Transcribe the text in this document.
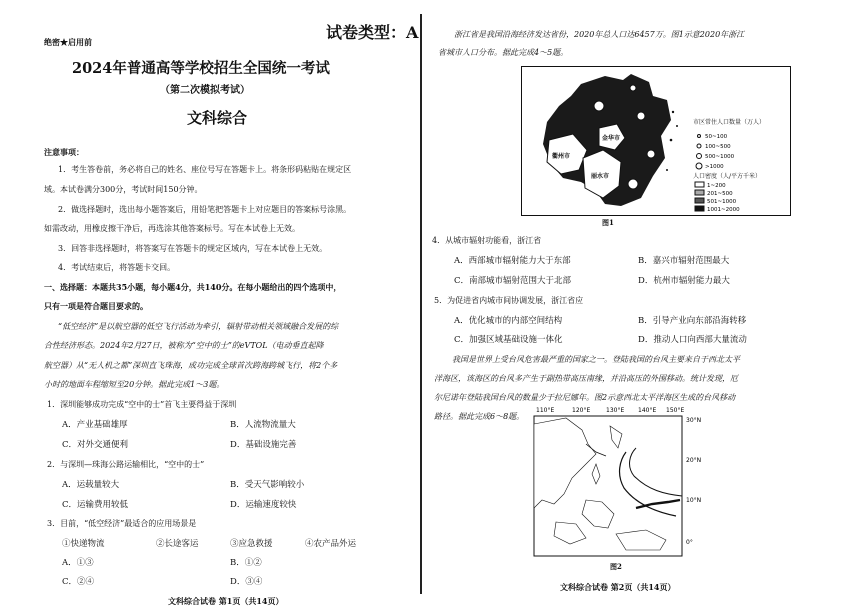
绝密★启用前
2024年普通高等学校招生全国统一考试
（第二次模拟考试）
文科综合
注意事项：
1．考生答卷前，务必将自己的姓名、座位号写在答题卡上。将条形码粘贴在规定区
域。本试卷满分300分，考试时间150分钟。
2．做选择题时，选出每小题答案后，用铅笔把答题卡上对应题目的答案标号涂黑。
如需改动，用橡皮擦干净后，再选涂其他答案标号。写在本试卷上无效。
3．回答非选择题时，将答案写在答题卡的规定区域内，写在本试卷上无效。
4．考试结束后，将答题卡交回。
一、选择题：本题共35小题，每小题4分，共140分。在每小题给出的四个选项中，
只有一项是符合题目要求的。
“低空经济”是以航空器的低空飞行活动为牵引，辐射带动相关领域融合发展的综
合性经济形态。2024年2月27日，被称为“空中的士”的eVTOL（电动垂直起降
航空器）从“无人机之都”深圳直飞珠海，成功完成全球首次跨海跨城飞行，将2个多
小时的地面车程缩短至20分钟。据此完成1～3题。
1．深圳能够成功完成“空中的士”首飞主要得益于深圳
A．产业基础雄厚	B．人流物流量大
C．对外交通便利	D．基础设施完善
2．与深圳—珠海公路运输相比，“空中的士”
A．运载量较大	B．受天气影响较小
C．运输费用较低	D．运输速度较快
3．目前，“低空经济”最适合的应用场景是
①快递物流	②长途客运	③应急救援	④农产品外运
A．①③	B．①②
C．②④	D．③④
文科综合试卷 第1页（共14页）
试卷类型：A	浙江省是我国沿海经济发达省份，2020年总人口达6457万。图1示意2020年浙江
省城市人口分布。据此完成4～5题。
衢州市
金华市
丽水市
市区常住人口数量（万人）
50~100
100~500
500~1000
>1000
人口密度（人/平方千米）
1~200
201~500
501~1000
1001~2000
图1
4．从城市辐射功能看，浙江省
A．西部城市辐射能力大于东部	B．嘉兴市辐射范围最大
C．南部城市辐射范围大于北部	D．杭州市辐射能力最大
5．为促进省内城市间协调发展，浙江省应
A．优化城市的内部空间结构	B．引导产业向东部沿海转移
C．加强区域基础设施一体化	D．推动人口向西部大量流动
我国是世界上受台风危害最严重的国家之一。登陆我国的台风主要来自于西北太平
洋海区，该海区的台风多产生于副热带高压南缘，并沿高压的外围移动。统计发现，厄
尔尼诺年登陆我国台风的数量少于拉尼娜年。图2示意西北太平洋海区生成的台风移动
路径。据此完成6～8题。
110°E	120°E	130°E 140°E 150°E
30°N
20°N
10°N
0°
图2
文科综合试卷 第2页（共14页）
